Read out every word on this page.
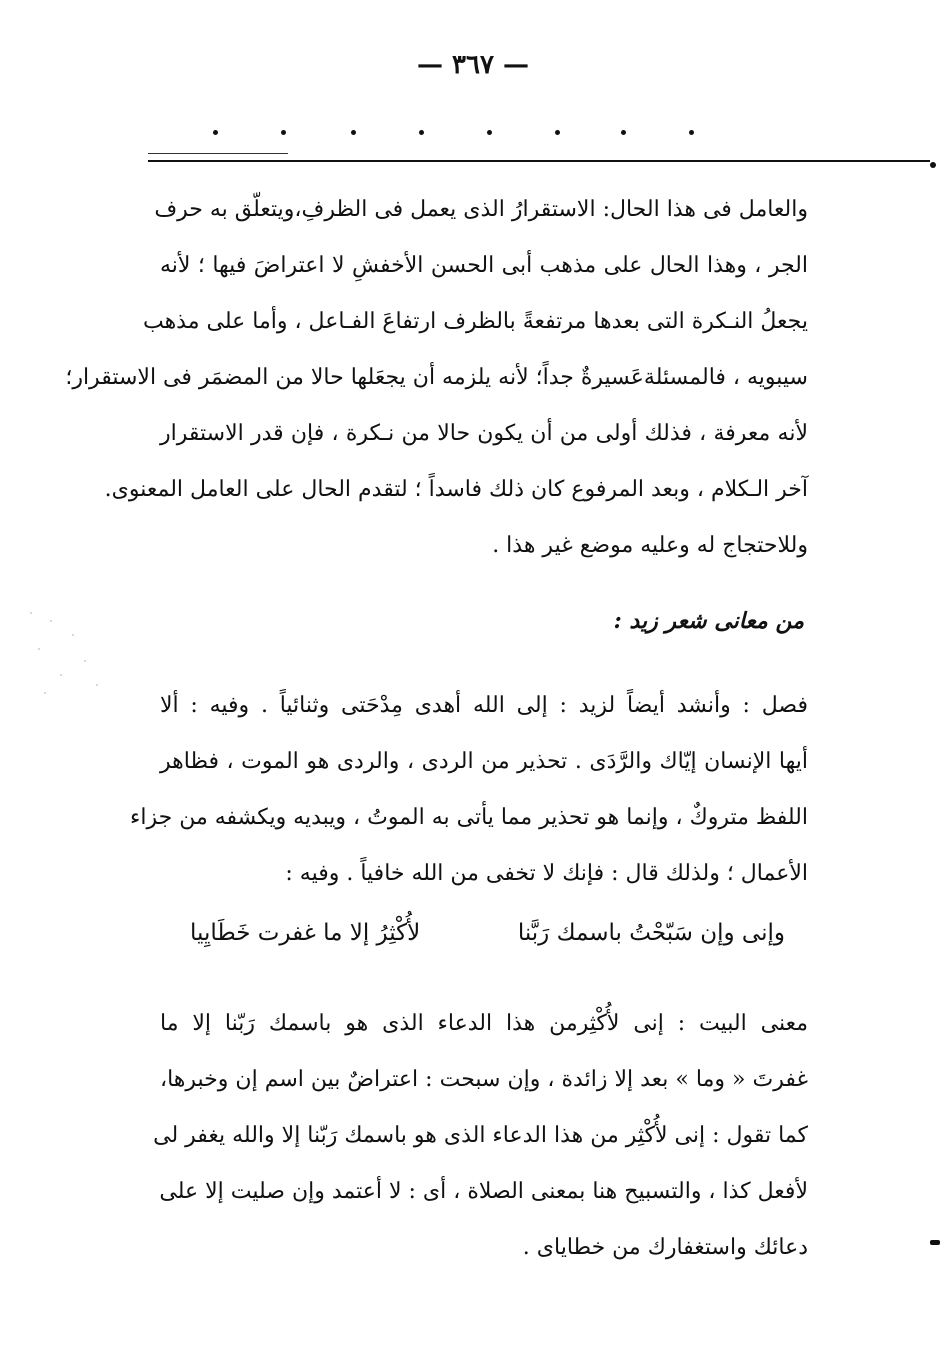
— ٣٦٧ —
والعامل فى هذا الحال: الاستقرارُ الذى يعمل فى الظرفِ،ويتعلّق به حرف
الجر ، وهذا الحال على مذهب أبى الحسن الأخفشِ لا اعتراضَ فيها ؛ لأنه
يجعلُ النـكرة التى بعدها مرتفعةً بالظرف ارتفاعَ الفـاعل ، وأما على مذهب
سيبويه ، فالمسئلةعَسيرةٌ جداً؛ لأنه يلزمه أن يجعَلها حالا من المضمَر فى الاستقرار؛
لأنه معرفة ، فذلك أولى من أن يكون حالا من نـكرة ، فإن قدر الاستقرار
آخر الـكلام ، وبعد المرفوع كان ذلك فاسداً ؛ لتقدم الحال على العامل المعنوى.
وللاحتجاج له وعليه موضع غير هذا .
من معانى شعر زيد :
فصل : وأنشد أيضاً لزيد : إلى الله أهدى مِدْحَتى وثنائياً . وفيه : ألا
أيها الإنسان إيّاك والرَّدَى . تحذير من الردى ، والردى هو الموت ، فظاهر
اللفظ متروكٌ ، وإنما هو تحذير مما يأتى به الموتُ ، ويبديه ويكشفه من جزاء
الأعمال ؛ ولذلك قال : فإنك لا تخفى من الله خافياً . وفيه :
وإنى وإن سَبّحْتُ باسمك رَبَّنا
لأُكْثِرُ إلا ما غفرت خَطَايِيا
معنى البيت : إنى لأُكْثِرمن هذا الدعاء الذى هو باسمك رَبّنا إلا ما
غفرتَ « وما » بعد إلا زائدة ، وإن سبحت : اعتراضٌ بين اسم إن وخبرها،
كما تقول : إنى لأُكْثِر من هذا الدعاء الذى هو باسمك رَبّنا إلا والله يغفر لى
لأفعل كذا ، والتسبيح هنا بمعنى الصلاة ، أى : لا أعتمد وإن صليت إلا على
دعائك واستغفارك من خطاياى .
